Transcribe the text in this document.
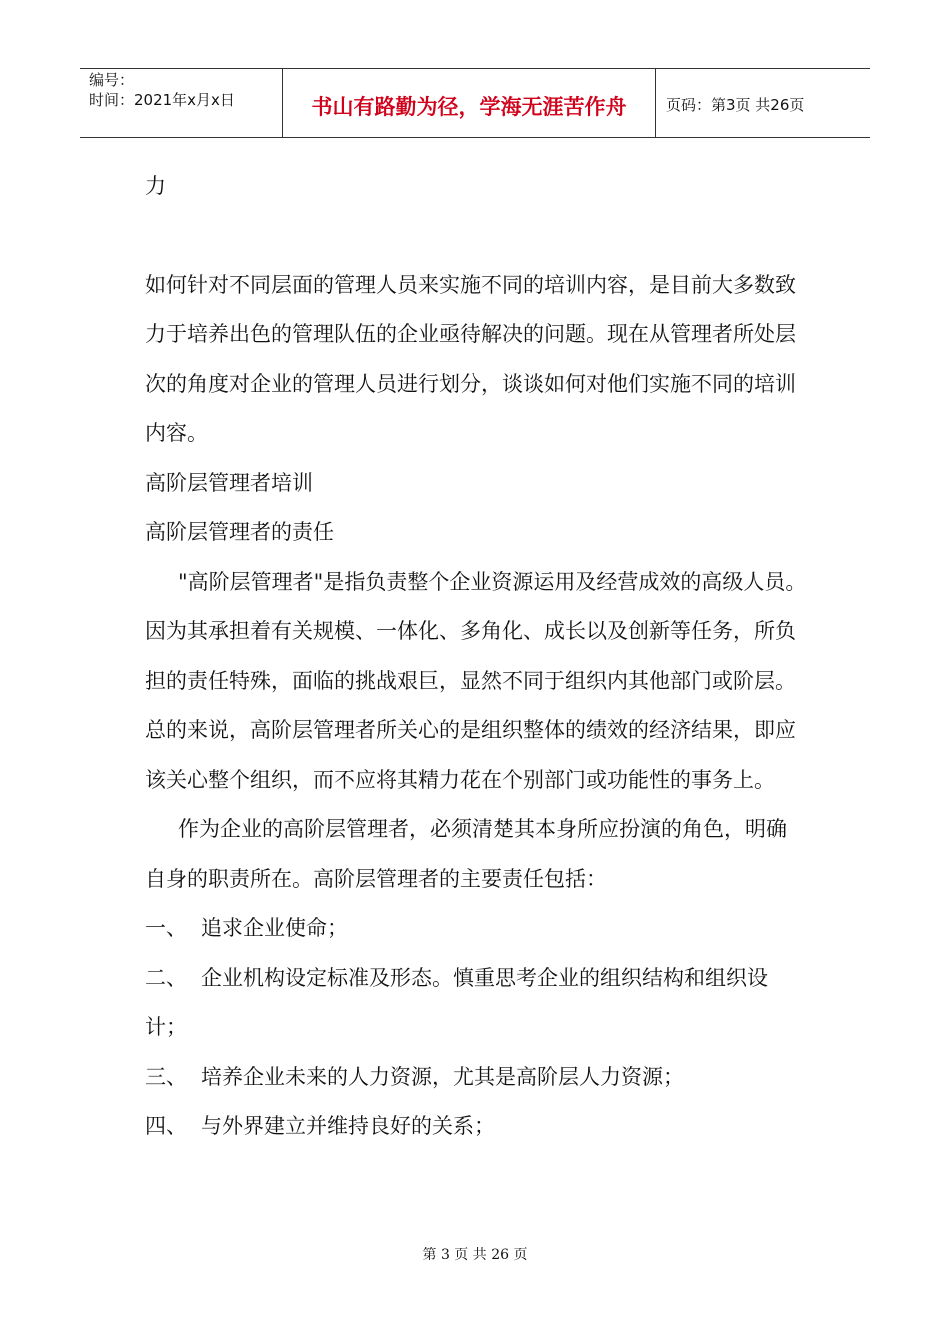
编号：
时间：2021年x月x日	书山有路勤为径，学海无涯苦作舟	页码：第3页 共26页

力

如何针对不同层面的管理人员来实施不同的培训内容，是目前大多数致力于培养出色的管理队伍的企业亟待解决的问题。现在从管理者所处层次的角度对企业的管理人员进行划分，谈谈如何对他们实施不同的培训内容。

高阶层管理者培训

高阶层管理者的责任

"高阶层管理者"是指负责整个企业资源运用及经营成效的高级人员。因为其承担着有关规模、一体化、多角化、成长以及创新等任务，所负担的责任特殊，面临的挑战艰巨，显然不同于组织内其他部门或阶层。总的来说，高阶层管理者所关心的是组织整体的绩效的经济结果，即应该关心整个组织，而不应将其精力花在个别部门或功能性的事务上。

作为企业的高阶层管理者，必须清楚其本身所应扮演的角色，明确自身的职责所在。高阶层管理者的主要责任包括：

一、 追求企业使命；
二、 企业机构设定标准及形态。慎重思考企业的组织结构和组织设

计；

三、 培养企业未来的人力资源，尤其是高阶层人力资源；
四、 与外界建立并维持良好的关系；
第 3 页 共 26 页
